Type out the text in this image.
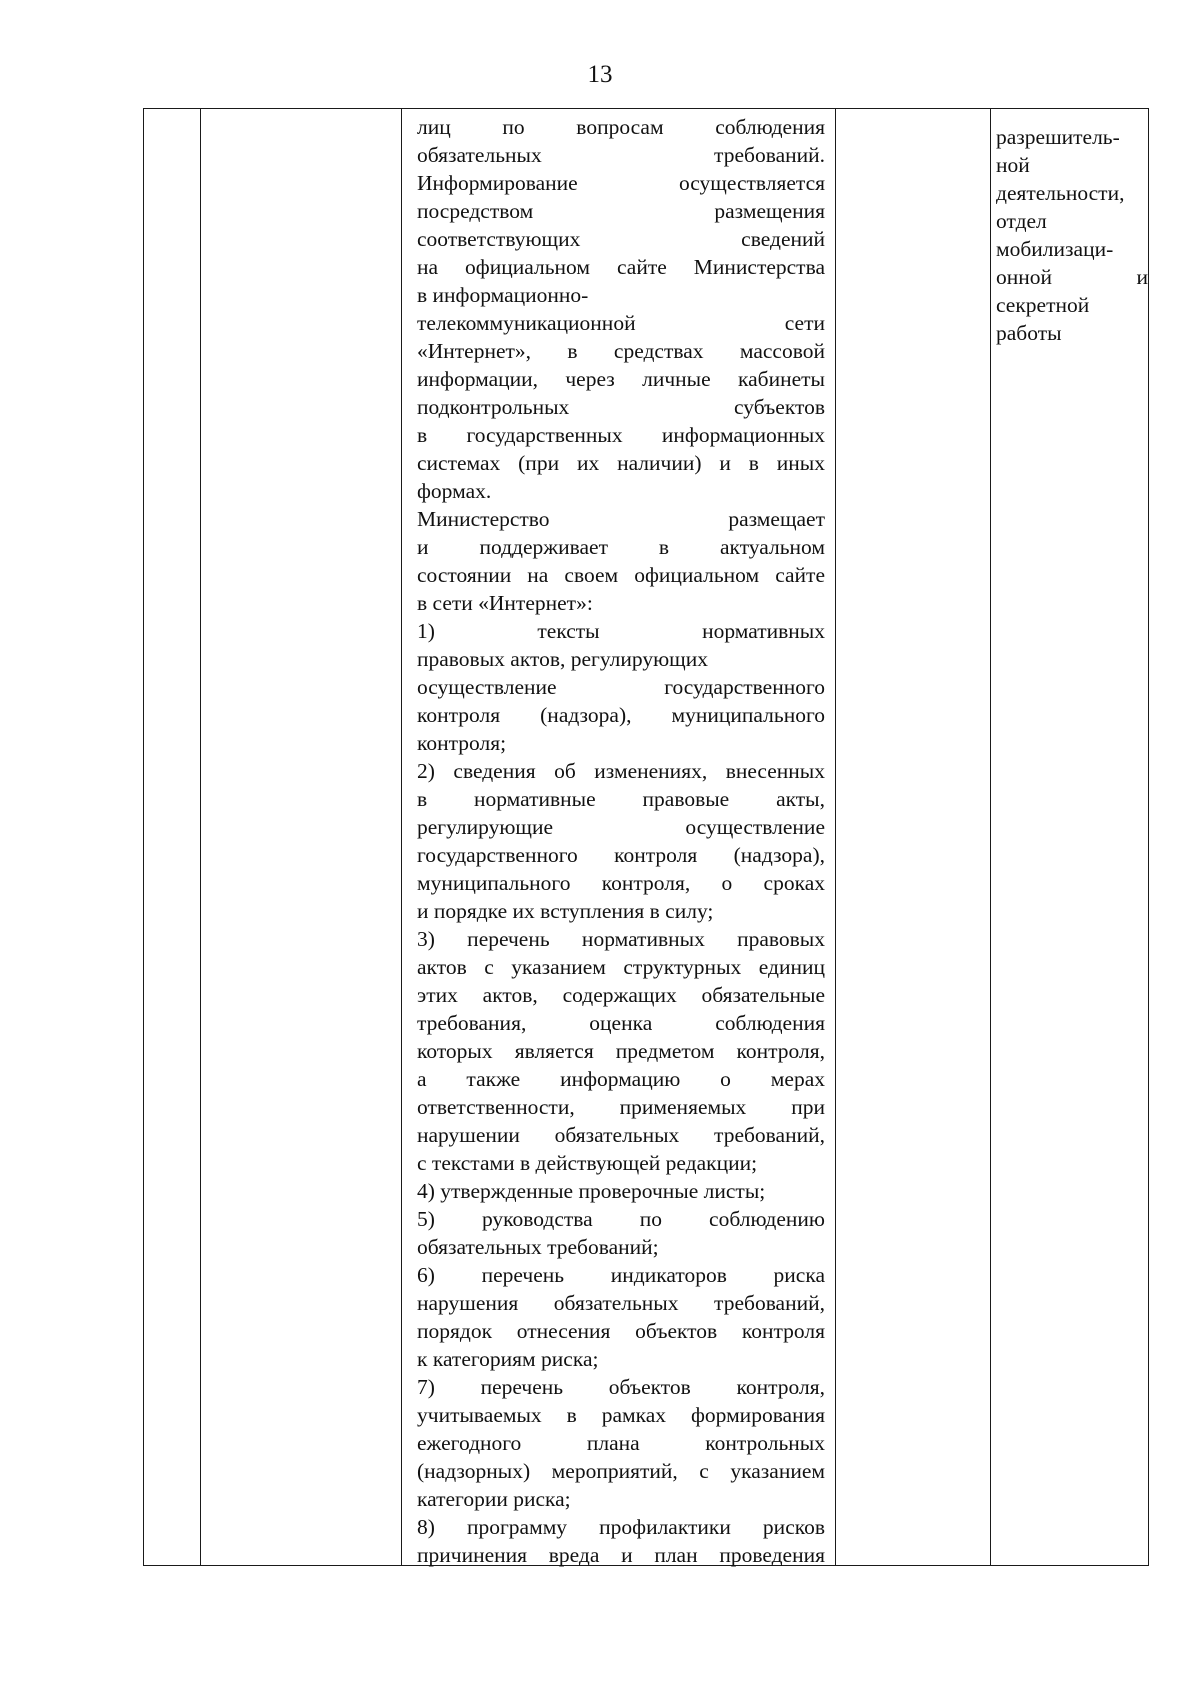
13
лиц по вопросам соблюдения
обязательных требований.
Информирование осуществляется
посредством размещения
соответствующих сведений
на официальном сайте Министерства
в информационно-
телекоммуникационной сети
«Интернет», в средствах массовой
информации, через личные кабинеты
подконтрольных субъектов
в государственных информационных
системах (при их наличии) и в иных
формах.
Министерство размещает
и поддерживает в актуальном
состоянии на своем официальном сайте
в сети «Интернет»:
1) тексты нормативных
правовых актов, регулирующих
осуществление государственного
контроля (надзора), муниципального
контроля;
2) сведения об изменениях, внесенных
в нормативные правовые акты,
регулирующие осуществление
государственного контроля (надзора),
муниципального контроля, о сроках
и порядке их вступления в силу;
3) перечень нормативных правовых
актов с указанием структурных единиц
этих актов, содержащих обязательные
требования, оценка соблюдения
которых является предметом контроля,
а также информацию о мерах
ответственности, применяемых при
нарушении обязательных требований,
с текстами в действующей редакции;
4) утвержденные проверочные листы;
5) руководства по соблюдению
обязательных требований;
6) перечень индикаторов риска
нарушения обязательных требований,
порядок отнесения объектов контроля
к категориям риска;
7) перечень объектов контроля,
учитываемых в рамках формирования
ежегодного плана контрольных
(надзорных) мероприятий, с указанием
категории риска;
8) программу профилактики рисков
причинения вреда и план проведения
разрешитель-
ной
деятельности,
отдел
мобилизаци-
онной и
секретной
работы
